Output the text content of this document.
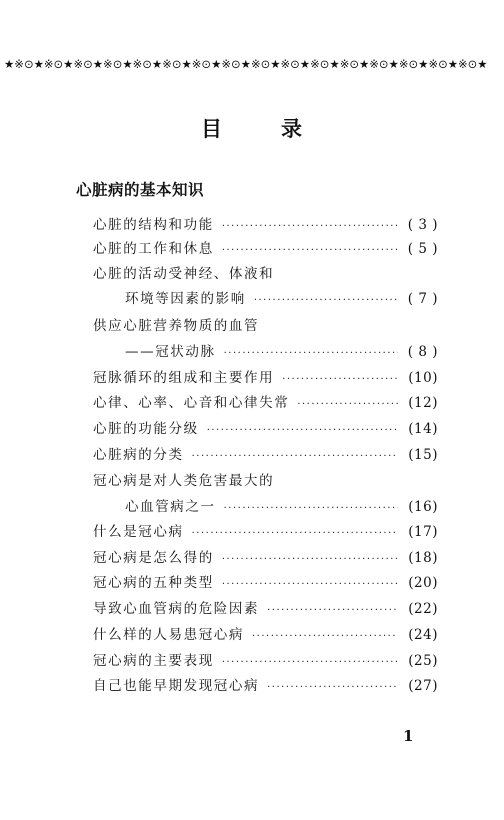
★※⊙★※⊙★※⊙★※⊙★※⊙★※⊙★※⊙★※⊙★※⊙★※⊙★※⊙★※⊙★※⊙★※⊙★※⊙★※⊙★
目	录
心脏病的基本知识
心脏的结构和功能 ·····	( 3 )
心脏的工作和休息 ·····	( 5 )
心脏的活动受神经、体液和
环境等因素的影响 ·····	( 7 )
供应心脏营养物质的血管
——冠状动脉 ·····	( 8 )
冠脉循环的组成和主要作用 ·····	(10)
心律、心率、心音和心律失常 ·····	(12)
心脏的功能分级 ·····	(14)
心脏病的分类 ·····	(15)
冠心病是对人类危害最大的
心血管病之一 ·····	(16)
什么是冠心病 ·····	(17)
冠心病是怎么得的 ·····	(18)
冠心病的五种类型 ·····	(20)
导致心血管病的危险因素 ·····	(22)
什么样的人易患冠心病 ·····	(24)
冠心病的主要表现 ·····	(25)
自己也能早期发现冠心病 ·····	(27)
1
